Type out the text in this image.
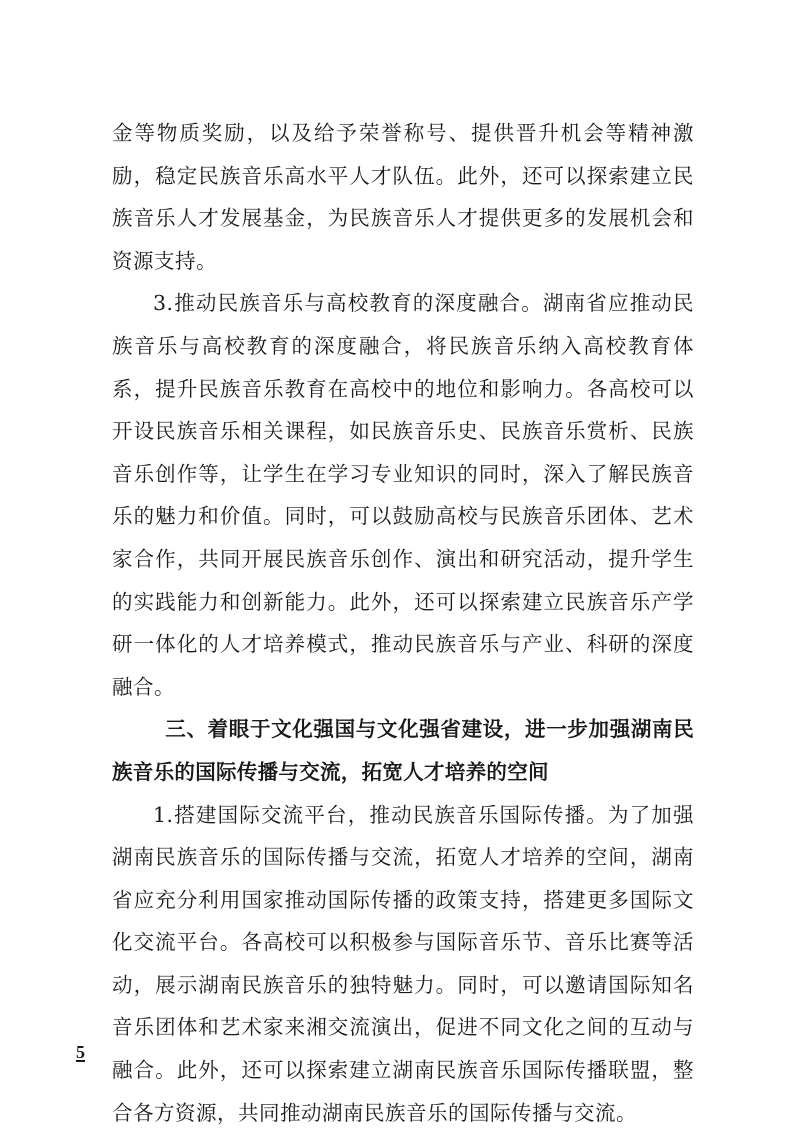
金等物质奖励，以及给予荣誉称号、提供晋升机会等精神激励，稳定民族音乐高水平人才队伍。此外，还可以探索建立民族音乐人才发展基金，为民族音乐人才提供更多的发展机会和资源支持。

3.推动民族音乐与高校教育的深度融合。湖南省应推动民族音乐与高校教育的深度融合，将民族音乐纳入高校教育体系，提升民族音乐教育在高校中的地位和影响力。各高校可以开设民族音乐相关课程，如民族音乐史、民族音乐赏析、民族音乐创作等，让学生在学习专业知识的同时，深入了解民族音乐的魅力和价值。同时，可以鼓励高校与民族音乐团体、艺术家合作，共同开展民族音乐创作、演出和研究活动，提升学生的实践能力和创新能力。此外，还可以探索建立民族音乐产学研一体化的人才培养模式，推动民族音乐与产业、科研的深度融合。

三、着眼于文化强国与文化强省建设，进一步加强湖南民族音乐的国际传播与交流，拓宽人才培养的空间

1.搭建国际交流平台，推动民族音乐国际传播。为了加强湖南民族音乐的国际传播与交流，拓宽人才培养的空间，湖南省应充分利用国家推动国际传播的政策支持，搭建更多国际文化交流平台。各高校可以积极参与国际音乐节、音乐比赛等活动，展示湖南民族音乐的独特魅力。同时，可以邀请国际知名音乐团体和艺术家来湘交流演出，促进不同文化之间的互动与融合。此外，还可以探索建立湖南民族音乐国际传播联盟，整合各方资源，共同推动湖南民族音乐的国际传播与交流。

5
